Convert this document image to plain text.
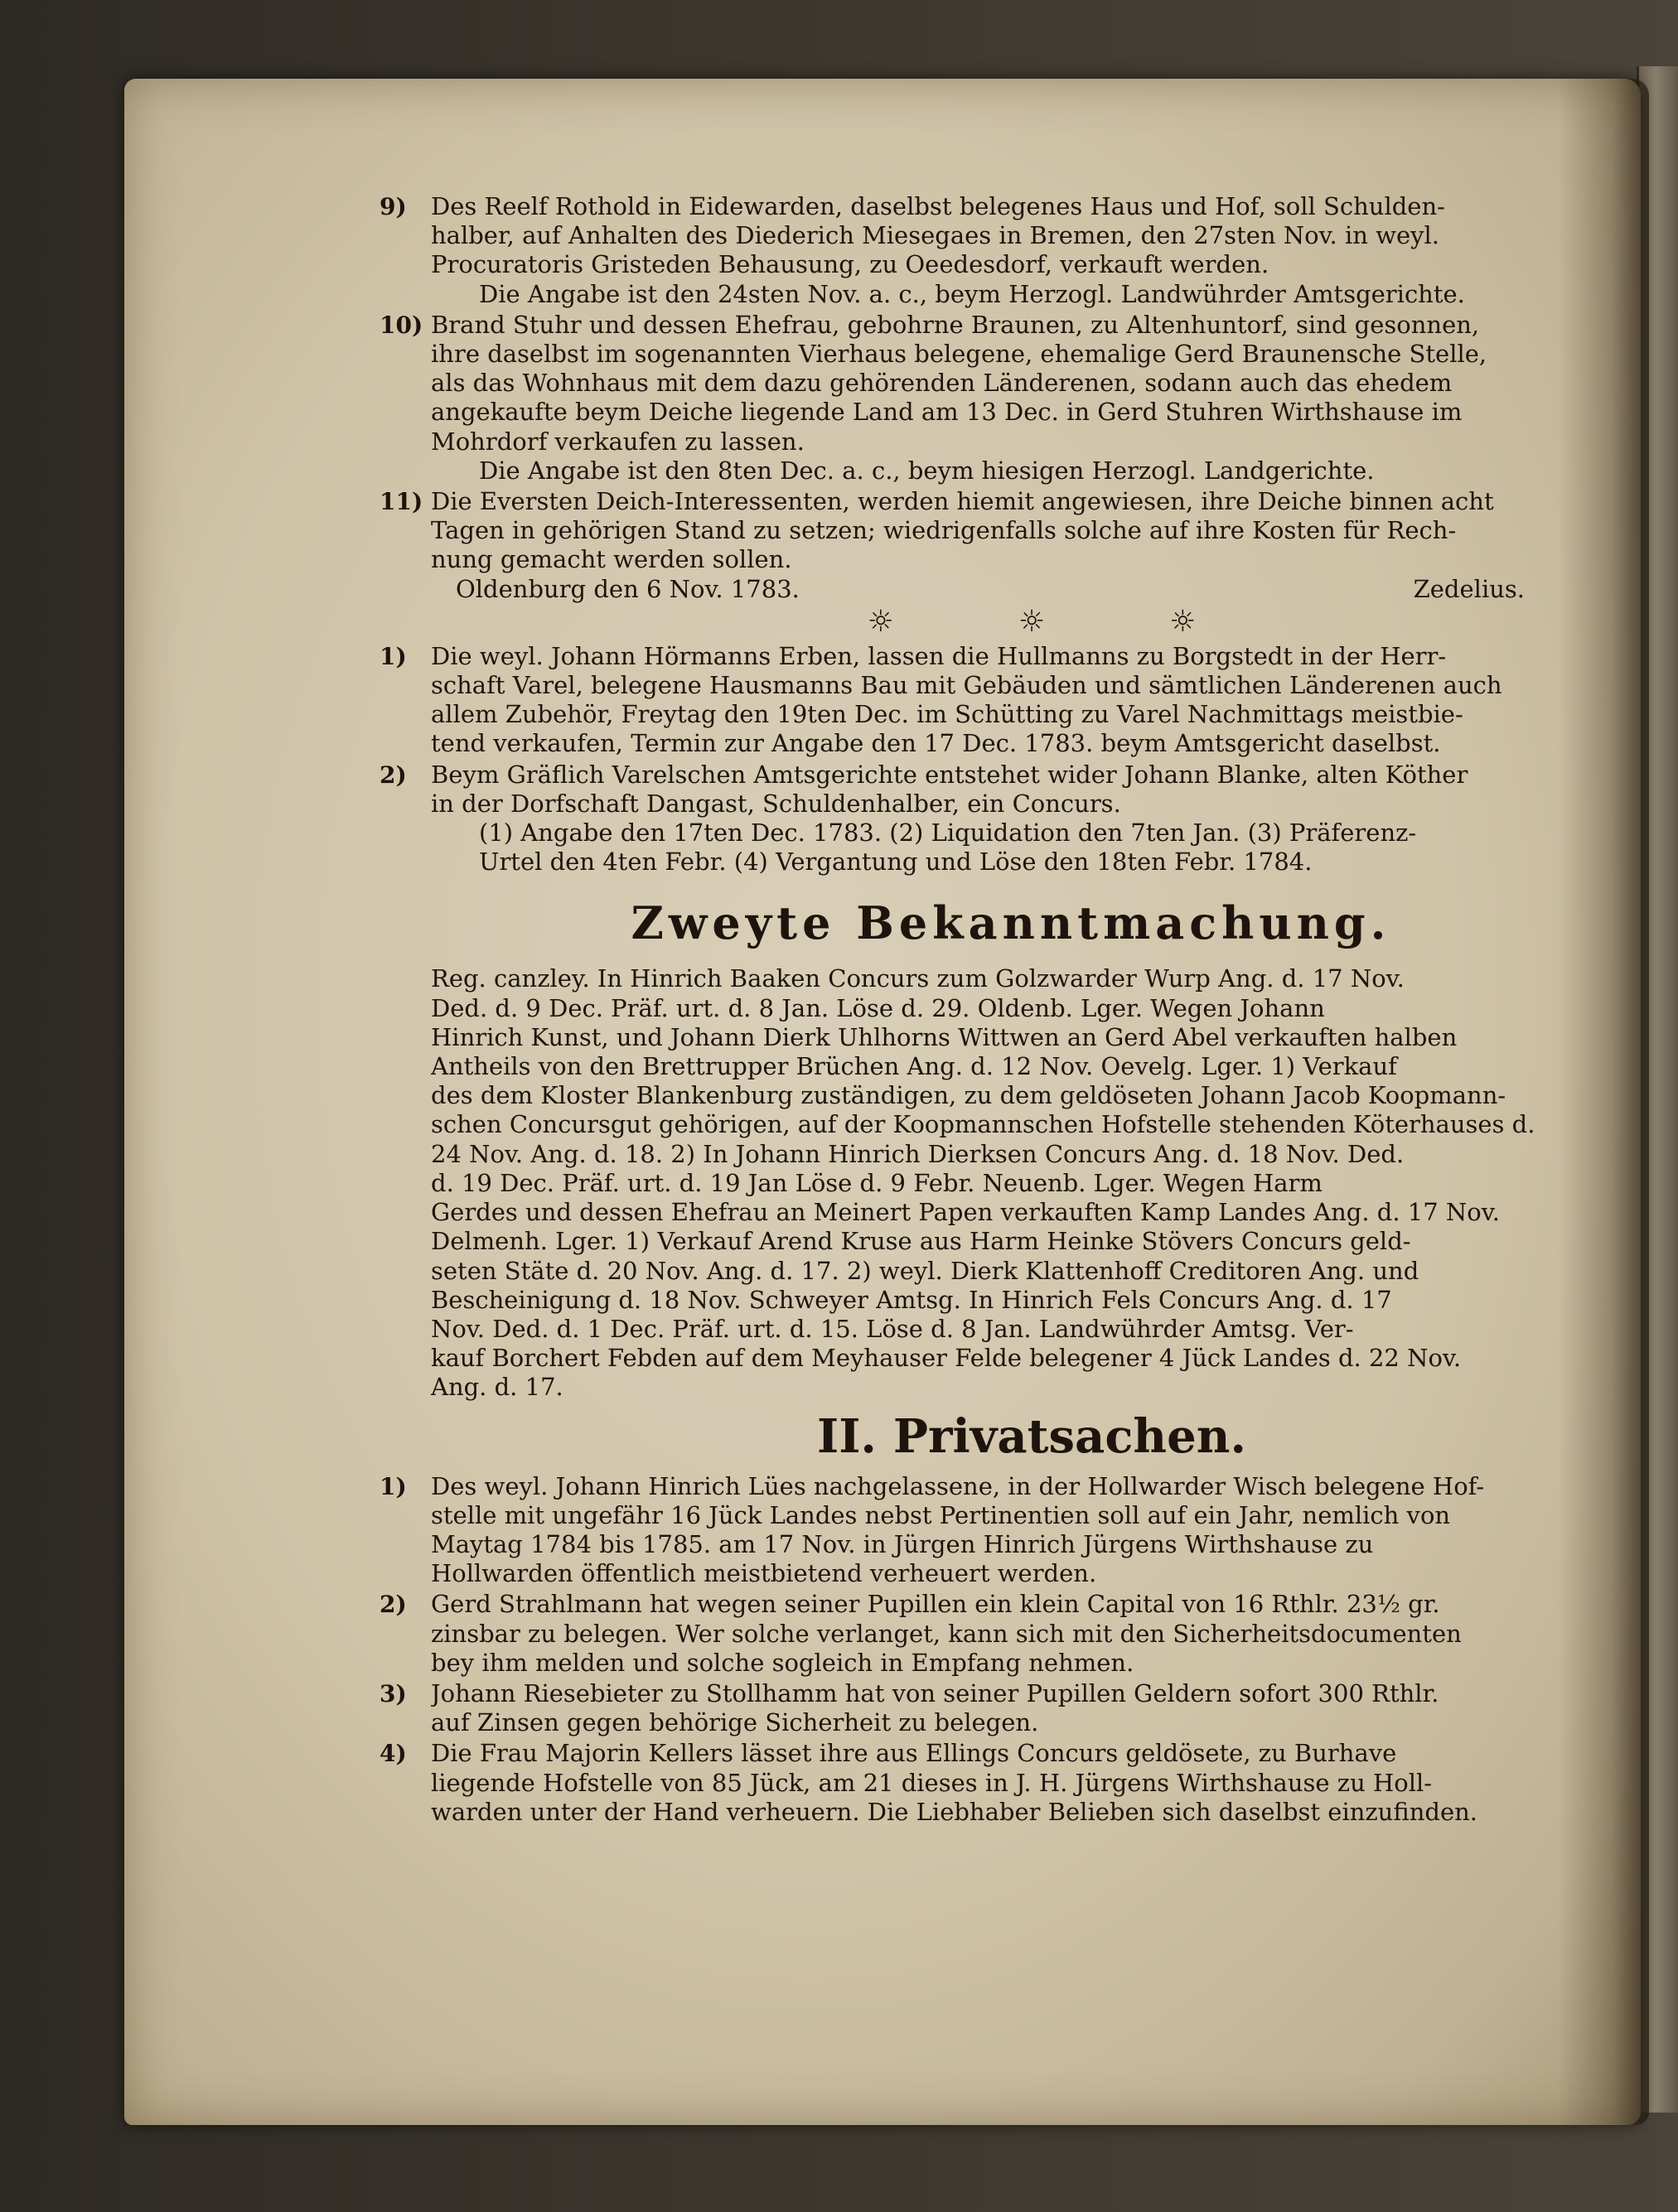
9) Des Reelf Rothold in Eidewarden, daselbst belegenes Haus und Hof, soll Schulden-
halber, auf Anhalten des Diederich Miesegaes in Bremen, den 27sten Nov. in weyl.
Procuratoris Gristeden Behausung, zu Oeedesdorf, verkauft werden.
Die Angabe ist den 24sten Nov. a. c., beym Herzogl. Landwührder Amtsgerichte.
10) Brand Stuhr und dessen Ehefrau, gebohrne Braunen, zu Altenhuntorf, sind gesonnen,
ihre daselbst im sogenannten Vierhaus belegene, ehemalige Gerd Braunensche Stelle,
als das Wohnhaus mit dem dazu gehörenden Länderenen, sodann auch das ehedem
angekaufte beym Deiche liegende Land am 13 Dec. in Gerd Stuhren Wirthshause im
Mohrdorf verkaufen zu lassen.
Die Angabe ist den 8ten Dec. a. c., beym hiesigen Herzogl. Landgerichte.
11) Die Eversten Deich-Interessenten, werden hiemit angewiesen, ihre Deiche binnen acht
Tagen in gehörigen Stand zu setzen; wiedrigenfalls solche auf ihre Kosten für Rech-
nung gemacht werden sollen.
Oldenburg den 6 Nov. 1783.	Zedelius.
☼	☼	☼
1) Die weyl. Johann Hörmanns Erben, lassen die Hullmanns zu Borgstedt in der Herr-
schaft Varel, belegene Hausmanns Bau mit Gebäuden und sämtlichen Länderenen auch
allem Zubehör, Freytag den 19ten Dec. im Schütting zu Varel Nachmittags meistbie-
tend verkaufen, Termin zur Angabe den 17 Dec. 1783. beym Amtsgericht daselbst.
2) Beym Gräflich Varelschen Amtsgerichte entstehet wider Johann Blanke, alten Köther
in der Dorfschaft Dangast, Schuldenhalber, ein Concurs.
(1) Angabe den 17ten Dec. 1783. (2) Liquidation den 7ten Jan. (3) Präferenz-
Urtel den 4ten Febr. (4) Vergantung und Löse den 18ten Febr. 1784.
Zweyte Bekanntmachung.
Reg. canzley. In Hinrich Baaken Concurs zum Golzwarder Wurp Ang. d. 17 Nov.
Ded. d. 9 Dec. Präf. urt. d. 8 Jan. Löse d. 29. Oldenb. Lger. Wegen Johann
Hinrich Kunst, und Johann Dierk Uhlhorns Wittwen an Gerd Abel verkauften halben
Antheils von den Brettrupper Brüchen Ang. d. 12 Nov. Oevelg. Lger. 1) Verkauf
des dem Kloster Blankenburg zuständigen, zu dem geldöseten Johann Jacob Koopmann-
schen Concursgut gehörigen, auf der Koopmannschen Hofstelle stehenden Köterhauses d.
24 Nov. Ang. d. 18. 2) In Johann Hinrich Dierksen Concurs Ang. d. 18 Nov. Ded.
d. 19 Dec. Präf. urt. d. 19 Jan Löse d. 9 Febr. Neuenb. Lger. Wegen Harm
Gerdes und dessen Ehefrau an Meinert Papen verkauften Kamp Landes Ang. d. 17 Nov.
Delmenh. Lger. 1) Verkauf Arend Kruse aus Harm Heinke Stövers Concurs geld-
seten Stäte d. 20 Nov. Ang. d. 17. 2) weyl. Dierk Klattenhoff Creditoren Ang. und
Bescheinigung d. 18 Nov. Schweyer Amtsg. In Hinrich Fels Concurs Ang. d. 17
Nov. Ded. d. 1 Dec. Präf. urt. d. 15. Löse d. 8 Jan. Landwührder Amtsg. Ver-
kauf Borchert Febden auf dem Meyhauser Felde belegener 4 Jück Landes d. 22 Nov.
Ang. d. 17.
II. Privatsachen.
1) Des weyl. Johann Hinrich Lües nachgelassene, in der Hollwarder Wisch belegene Hof-
stelle mit ungefähr 16 Jück Landes nebst Pertinentien soll auf ein Jahr, nemlich von
Maytag 1784 bis 1785. am 17 Nov. in Jürgen Hinrich Jürgens Wirthshause zu
Hollwarden öffentlich meistbietend verheuert werden.
2) Gerd Strahlmann hat wegen seiner Pupillen ein klein Capital von 16 Rthlr. 23½ gr.
zinsbar zu belegen. Wer solche verlanget, kann sich mit den Sicherheitsdocumenten
bey ihm melden und solche sogleich in Empfang nehmen.
3) Johann Riesebieter zu Stollhamm hat von seiner Pupillen Geldern sofort 300 Rthlr.
auf Zinsen gegen behörige Sicherheit zu belegen.
4) Die Frau Majorin Kellers lässet ihre aus Ellings Concurs geldösete, zu Burhave
liegende Hofstelle von 85 Jück, am 21 dieses in J. H. Jürgens Wirthshause zu Holl-
warden unter der Hand verheuern. Die Liebhaber Belieben sich daselbst einzufinden.
